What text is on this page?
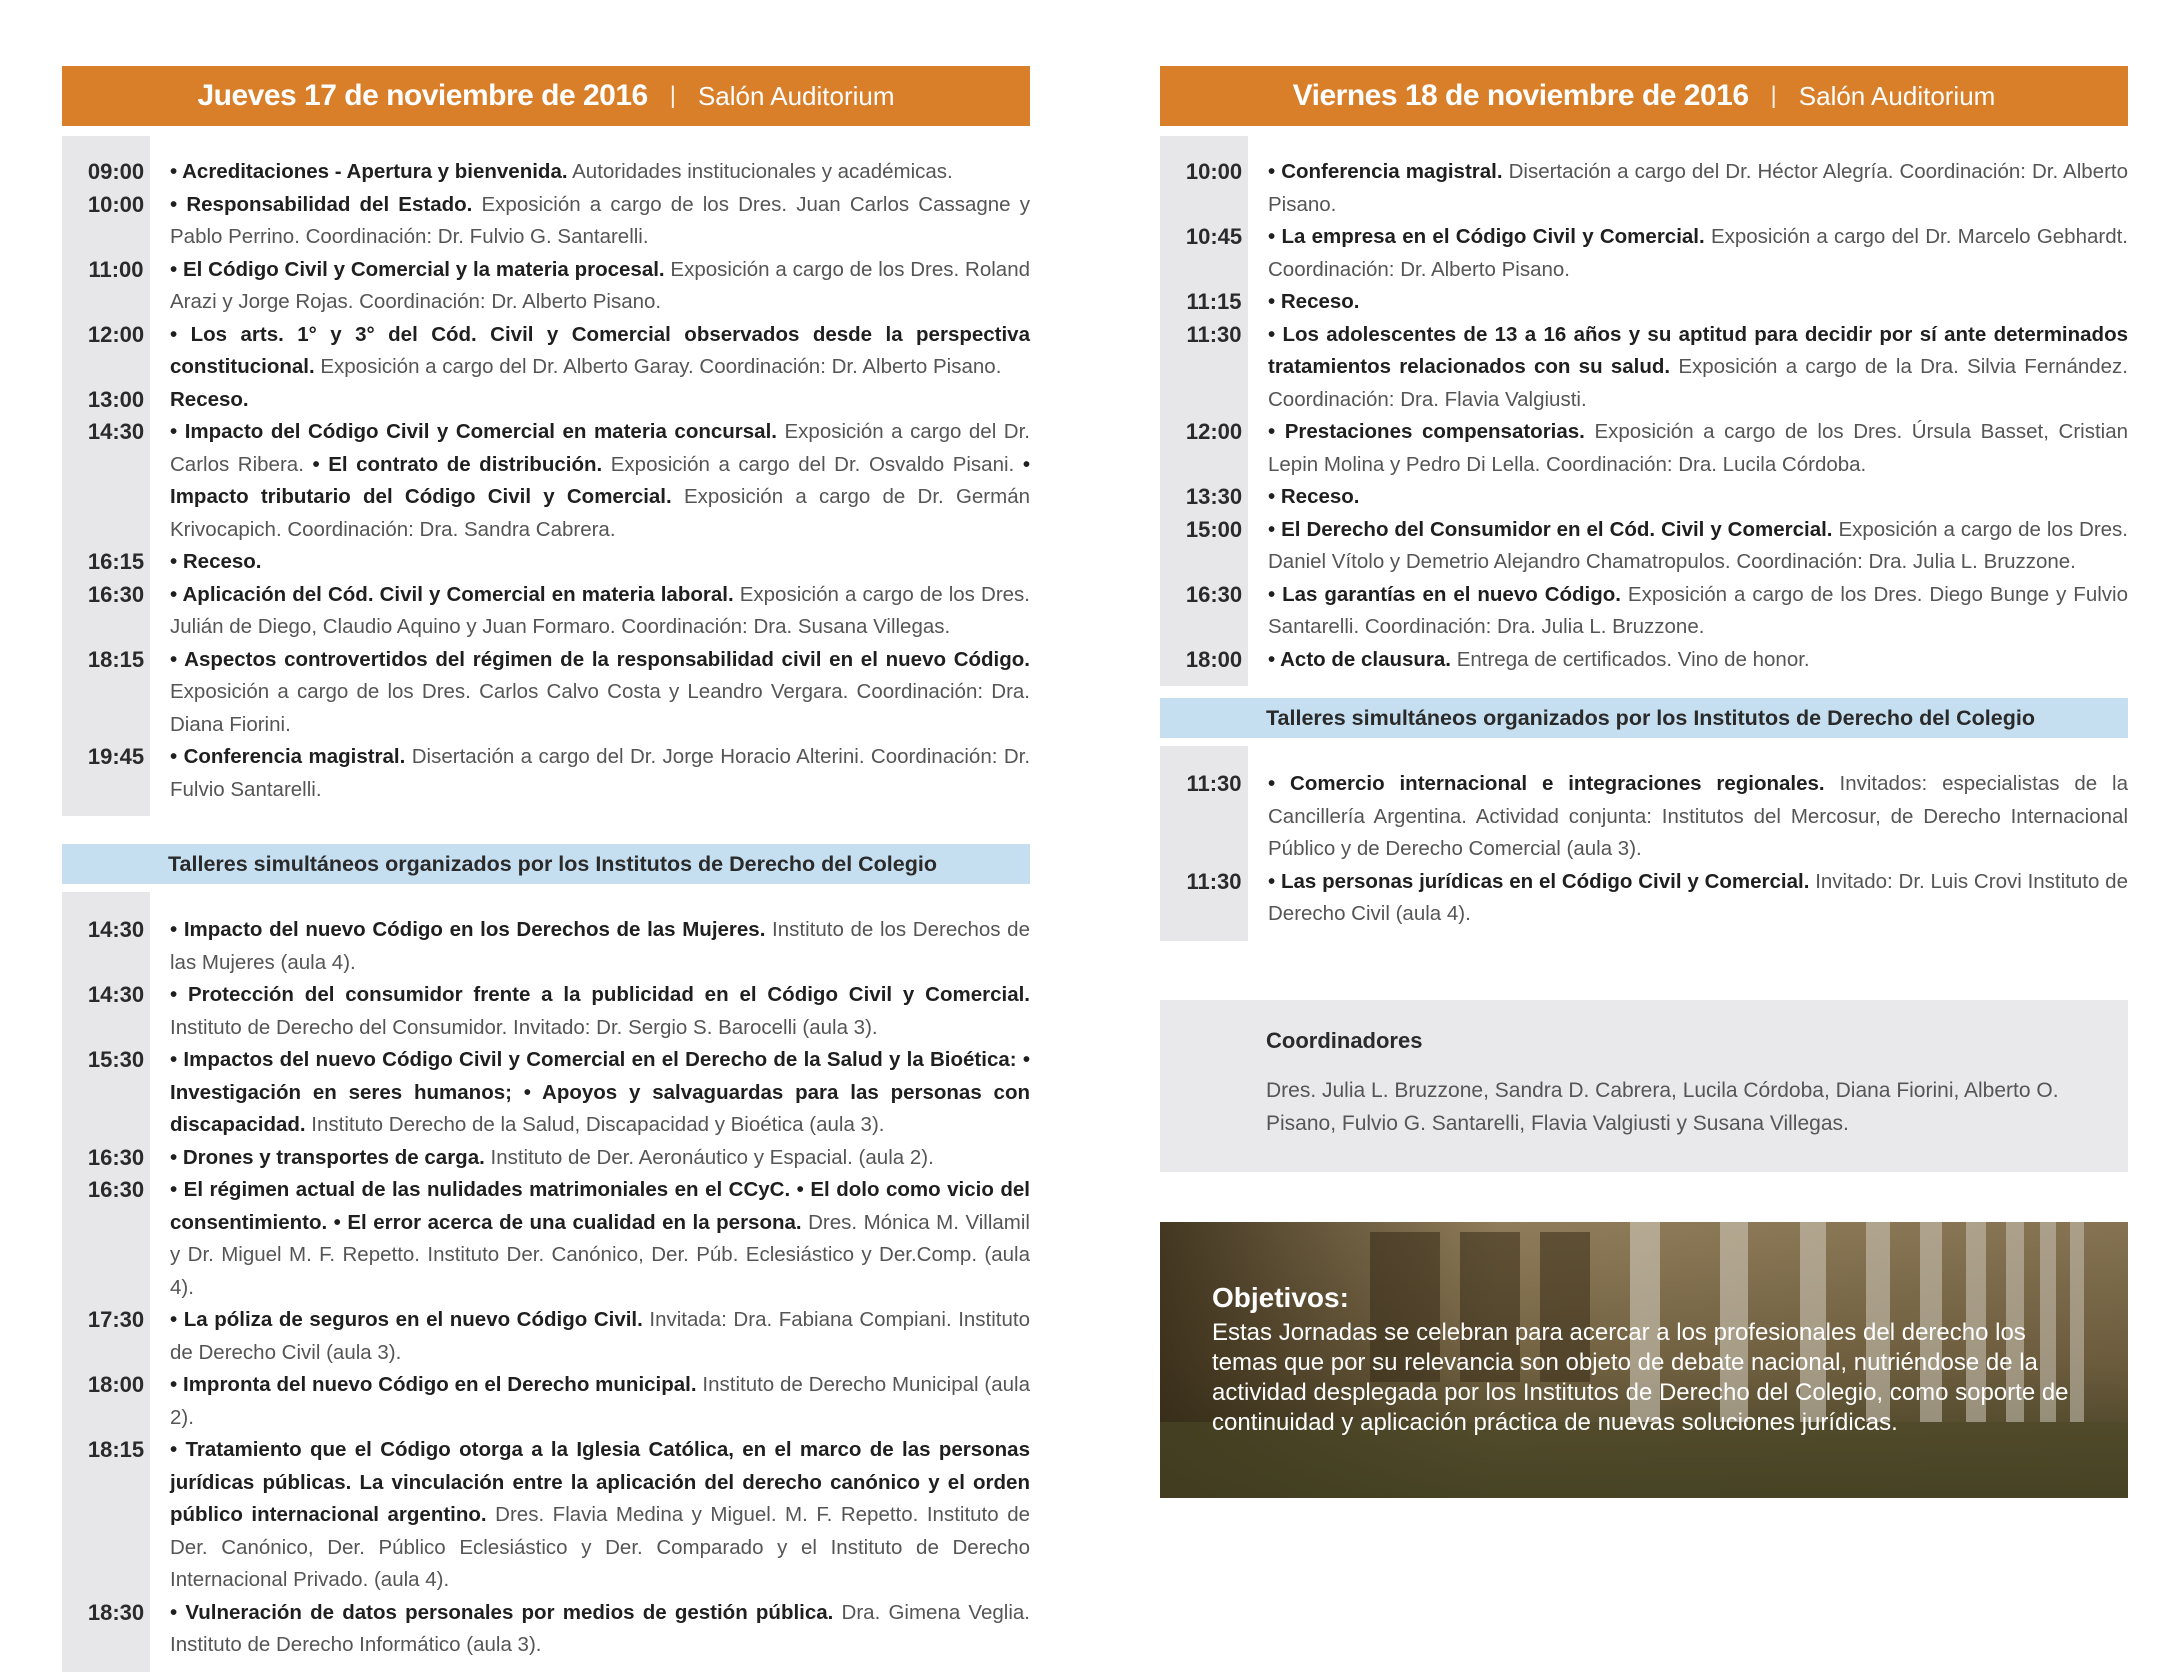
Jueves 17 de noviembre de 2016 | Salón Auditorium
09:00	• Acreditaciones - Apertura y bienvenida. Autoridades institucionales y académicas.
10:00	• Responsabilidad del Estado. Exposición a cargo de los Dres. Juan Carlos Cassagne y Pablo Perrino. Coordinación: Dr. Fulvio G. Santarelli.
11:00	• El Código Civil y Comercial y la materia procesal. Exposición a cargo de los Dres. Roland Arazi y Jorge Rojas. Coordinación: Dr. Alberto Pisano.
12:00	• Los arts. 1° y 3° del Cód. Civil y Comercial observados desde la perspectiva constitucional. Exposición a cargo del Dr. Alberto Garay. Coordinación: Dr. Alberto Pisano.
13:00	Receso.
14:30	• Impacto del Código Civil y Comercial en materia concursal. Exposición a cargo del Dr. Carlos Ribera. • El contrato de distribución. Exposición a cargo del Dr. Osvaldo Pisani. • Impacto tributario del Código Civil y Comercial. Exposición a cargo de Dr. Germán Krivocapich. Coordinación: Dra. Sandra Cabrera.
16:15	• Receso.
16:30	• Aplicación del Cód. Civil y Comercial en materia laboral. Exposición a cargo de los Dres. Julián de Diego, Claudio Aquino y Juan Formaro. Coordinación: Dra. Susana Villegas.
18:15	• Aspectos controvertidos del régimen de la responsabilidad civil en el nuevo Código. Exposición a cargo de los Dres. Carlos Calvo Costa y Leandro Vergara. Coordinación: Dra. Diana Fiorini.
19:45	• Conferencia magistral. Disertación a cargo del Dr. Jorge Horacio Alterini. Coordinación: Dr. Fulvio Santarelli.
Talleres simultáneos organizados por los Institutos de Derecho del Colegio
14:30	• Impacto del nuevo Código en los Derechos de las Mujeres. Instituto de los Derechos de las Mujeres (aula 4).
14:30	• Protección del consumidor frente a la publicidad en el Código Civil y Comercial. Instituto de Derecho del Consumidor. Invitado: Dr. Sergio S. Barocelli (aula 3).
15:30	• Impactos del nuevo Código Civil y Comercial en el Derecho de la Salud y la Bioética: • Investigación en seres humanos; • Apoyos y salvaguardas para las personas con discapacidad. Instituto Derecho de la Salud, Discapacidad y Bioética (aula 3).
16:30	• Drones y transportes de carga. Instituto de Der. Aeronáutico y Espacial. (aula 2).
16:30	• El régimen actual de las nulidades matrimoniales en el CCyC. • El dolo como vicio del consentimiento. • El error acerca de una cualidad en la persona. Dres. Mónica M. Villamil y Dr. Miguel M. F. Repetto. Instituto Der. Canónico, Der. Púb. Eclesiástico y Der.Comp. (aula 4).
17:30	• La póliza de seguros en el nuevo Código Civil. Invitada: Dra. Fabiana Compiani. Instituto de Derecho Civil (aula 3).
18:00	• Impronta del nuevo Código en el Derecho municipal. Instituto de Derecho Municipal (aula 2).
18:15	• Tratamiento que el Código otorga a la Iglesia Católica, en el marco de las personas jurídicas públicas. La vinculación entre la aplicación del derecho canónico y el orden público internacional argentino. Dres. Flavia Medina y Miguel. M. F. Repetto. Instituto de Der. Canónico, Der. Público Eclesiástico y Der. Comparado y el Instituto de Derecho Internacional Privado. (aula 4).
18:30	• Vulneración de datos personales por medios de gestión pública. Dra. Gimena Veglia. Instituto de Derecho Informático (aula 3).
Viernes 18 de noviembre de 2016 | Salón Auditorium
10:00	• Conferencia magistral. Disertación a cargo del Dr. Héctor Alegría. Coordinación: Dr. Alberto Pisano.
10:45	• La empresa en el Código Civil y Comercial. Exposición a cargo del Dr. Marcelo Gebhardt. Coordinación: Dr. Alberto Pisano.
11:15	• Receso.
11:30	• Los adolescentes de 13 a 16 años y su aptitud para decidir por sí ante determinados tratamientos relacionados con su salud. Exposición a cargo de la Dra. Silvia Fernández. Coordinación: Dra. Flavia Valgiusti.
12:00	• Prestaciones compensatorias. Exposición a cargo de los Dres. Úrsula Basset, Cristian Lepin Molina y Pedro Di Lella. Coordinación: Dra. Lucila Córdoba.
13:30	• Receso.
15:00	• El Derecho del Consumidor en el Cód. Civil y Comercial. Exposición a cargo de los Dres. Daniel Vítolo y Demetrio Alejandro Chamatropulos. Coordinación: Dra. Julia L. Bruzzone.
16:30	• Las garantías en el nuevo Código. Exposición a cargo de los Dres. Diego Bunge y Fulvio Santarelli. Coordinación: Dra. Julia L. Bruzzone.
18:00	• Acto de clausura. Entrega de certificados. Vino de honor.
Talleres simultáneos organizados por los Institutos de Derecho del Colegio
11:30	• Comercio internacional e integraciones regionales. Invitados: especialistas de la Cancillería Argentina. Actividad conjunta: Institutos del Mercosur, de Derecho Internacional Público y de Derecho Comercial (aula 3).
11:30	• Las personas jurídicas en el Código Civil y Comercial. Invitado: Dr. Luis Crovi Instituto de Derecho Civil (aula 4).
Coordinadores
Dres. Julia L. Bruzzone, Sandra D. Cabrera, Lucila Córdoba, Diana Fiorini, Alberto O. Pisano, Fulvio G. Santarelli, Flavia Valgiusti y Susana Villegas.
Objetivos:
Estas Jornadas se celebran para acercar a los profesionales del derecho los temas que por su relevancia son objeto de debate nacional, nutriéndose de la actividad desplegada por los Institutos de Derecho del Colegio, como soporte de continuidad y aplicación práctica de nuevas soluciones jurídicas.
